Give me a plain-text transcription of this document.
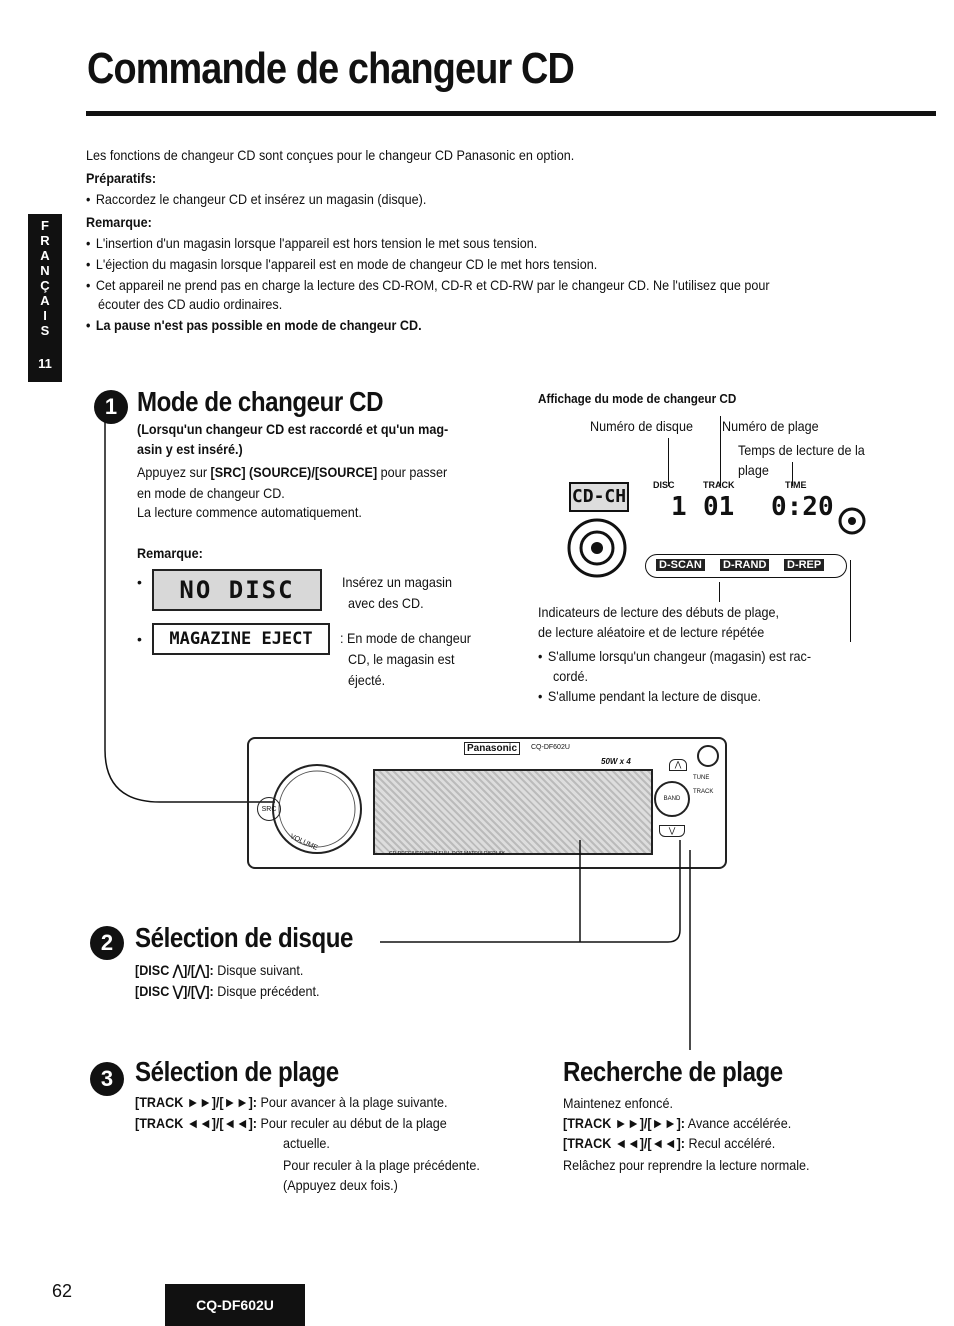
Commande de changeur CD
F
R
A
N
Ç
A
I
S
11
Les fonctions de changeur CD sont conçues pour le changeur CD Panasonic en option.
Préparatifs:
• Raccordez le changeur CD et insérez un magasin (disque).
Remarque:
• L'insertion d'un magasin lorsque l'appareil est hors tension le met sous tension.
• L'éjection du magasin lorsque l'appareil est en mode de changeur CD le met hors tension.
• Cet appareil ne prend pas en charge la lecture des CD-ROM, CD-R et CD-RW par le changeur CD. Ne l'utilisez que pour
écouter des CD audio ordinaires.
• La pause n'est pas possible en mode de changeur CD.
1 Mode de changeur CD
(Lorsqu'un changeur CD est raccordé et qu'un mag-
asin y est inséré.)
Appuyez sur [SRC] (SOURCE)/[SOURCE] pour passer
en mode de changeur CD.
La lecture commence automatiquement.
Remarque:
•	NO DISC	Insérez un magasin
avec des CD.
•	MAGAZINE EJECT	: En mode de changeur
CD, le magasin est
éjecté.
Affichage du mode de changeur CD
Numéro de disque Numéro de plage
Temps de lecture de la
plage
CD-CH
DISC	TRACK	TIME
1 01 0:20
D-SCAN D-RAND D-REP
Indicateurs de lecture des débuts de plage,
de lecture aléatoire et de lecture répétée
• S'allume lorsqu'un changeur (magasin) est rac-
cordé.
• S'allume pendant la lecture de disque.
Panasonic	CQ-DF602U
50W x 4
SRC
VOLUME
CD RECEIVER WITH FULL DOT MATRIX DISPLAY
BAND
TRACK
TUNE
⋀
⋁
2 Sélection de disque
[DISC ⋀]/[⋀]: Disque suivant.
[DISC ⋁]/[⋁]: Disque précédent.
3 Sélection de plage
[TRACK ►►]/[►►]: Pour avancer à la plage suivante.
[TRACK ◄◄]/[◄◄]: Pour reculer au début de la plage
actuelle.
Pour reculer à la plage précédente.
(Appuyez deux fois.)
Recherche de plage
Maintenez enfoncé.
[TRACK ►►]/[►►]: Avance accélérée.
[TRACK ◄◄]/[◄◄]: Recul accéléré.
Relâchez pour reprendre la lecture normale.
62
CQ-DF602U
